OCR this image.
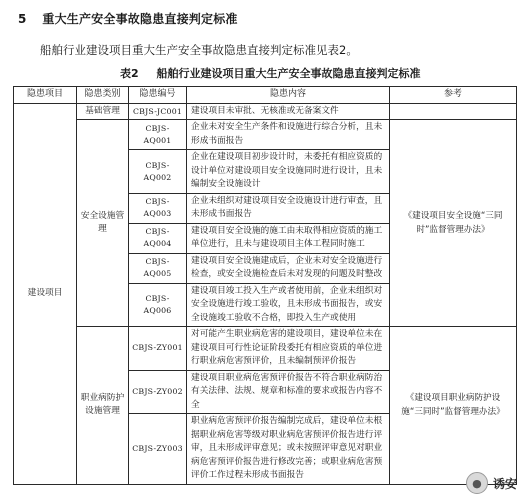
5 重大生产安全事故隐患直接判定标准
船舶行业建设项目重大生产安全事故隐患直接判定标准见表2。
表2 船舶行业建设项目重大生产安全事故隐患直接判定标准
隐患项目	隐患类别	隐患编号	隐患内容	参考
建设项目	基础管理	CBJS-JC001	建设项目未审批、无核准或无备案文件	
	安全设施管理	CBJS-AQ001	企业未对安全生产条件和设施进行综合分析，且未形成书面报告	《建设项目安全设施“三同时”监督管理办法》
		CBJS-AQ002	企业在建设项目初步设计时，未委托有相应资质的设计单位对建设项目安全设施同时进行设计，且未编制安全设施设计	
		CBJS-AQ003	企业未组织对建设项目安全设施设计进行审查，且未形成书面报告	
		CBJS-AQ004	建设项目安全设施的施工由未取得相应资质的施工单位进行，且未与建设项目主体工程同时施工	
		CBJS-AQ005	建设项目安全设施建成后，企业未对安全设施进行检查，或安全设施检查后未对发现的问题及时整改	
		CBJS-AQ006	建设项目竣工投入生产或者使用前，企业未组织对安全设施进行竣工验收，且未形成书面报告，或安全设施竣工验收不合格，即投入生产或使用	
	职业病防护设施管理	CBJS-ZY001	对可能产生职业病危害的建设项目，建设单位未在建设项目可行性论证阶段委托有相应资质的单位进行职业病危害预评价，且未编制预评价报告	《建设项目职业病防护设施“三同时”监督管理办法》
		CBJS-ZY002	建设项目职业病危害预评价报告不符合职业病防治有关法律、法规、规章和标准的要求或报告内容不全	
		CBJS-ZY003	职业病危害预评价报告编制完成后，建设单位未根据职业病危害等级对职业病危害预评价报告进行评审，且未形成评审意见；或未按照评审意见对职业病危害预评价报告进行修改完善；或职业病危害预评价工作过程未形成书面报告	
● 诱安
